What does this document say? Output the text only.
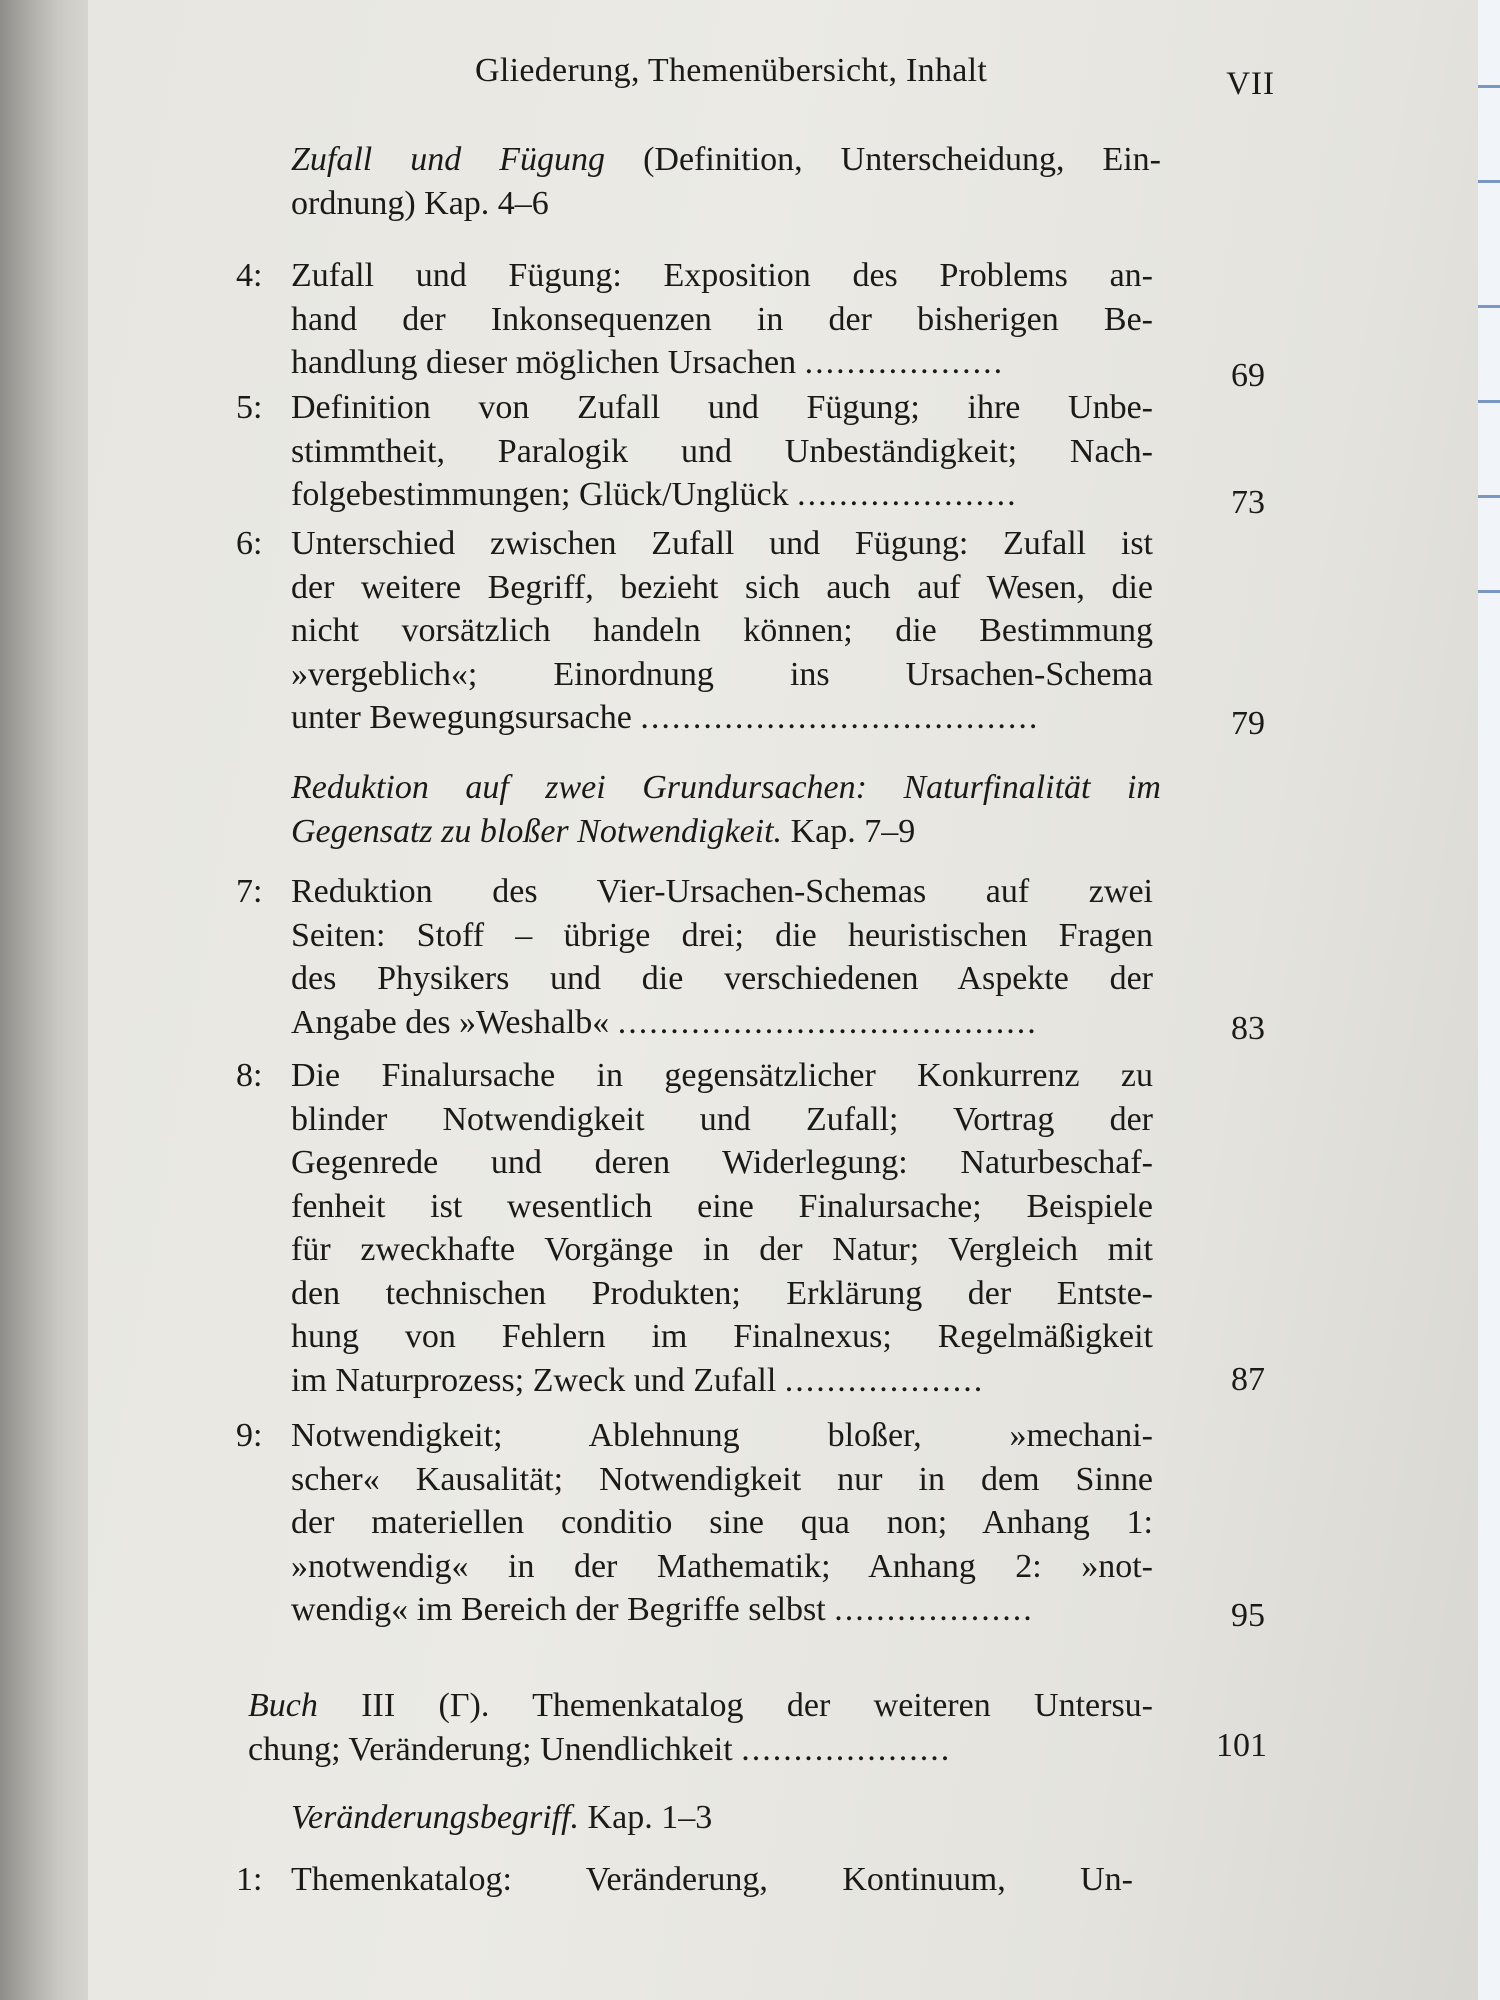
Gliederung, Themenübersicht, Inhalt	VII
Zufall und Fügung (Definition, Unterscheidung, Ein-
ordnung) Kap. 4–6
4: Zufall und Fügung: Exposition des Problems an-
hand der Inkonsequenzen in der bisherigen Be-
handlung dieser möglichen Ursachen ...................	69
5: Definition von Zufall und Fügung; ihre Unbe-
stimmtheit, Paralogik und Unbeständigkeit; Nach-
folgebestimmungen; Glück/Unglück .....................	73
6: Unterschied zwischen Zufall und Fügung: Zufall ist
der weitere Begriff, bezieht sich auch auf Wesen, die
nicht vorsätzlich handeln können; die Bestimmung
»vergeblich«; Einordnung ins Ursachen-Schema
unter Bewegungsursache ......................................	79
Reduktion auf zwei Grundursachen: Naturfinalität im
Gegensatz zu bloßer Notwendigkeit. Kap. 7–9
7: Reduktion des Vier-Ursachen-Schemas auf zwei
Seiten: Stoff – übrige drei; die heuristischen Fragen
des Physikers und die verschiedenen Aspekte der
Angabe des »Weshalb« ........................................	83
8: Die Finalursache in gegensätzlicher Konkurrenz zu
blinder Notwendigkeit und Zufall; Vortrag der
Gegenrede und deren Widerlegung: Naturbeschaf-
fenheit ist wesentlich eine Finalursache; Beispiele
für zweckhafte Vorgänge in der Natur; Vergleich mit
den technischen Produkten; Erklärung der Entste-
hung von Fehlern im Finalnexus; Regelmäßigkeit
im Naturprozess; Zweck und Zufall ...................	87
9: Notwendigkeit; Ablehnung bloßer, »mechani-
scher« Kausalität; Notwendigkeit nur in dem Sinne
der materiellen conditio sine qua non; Anhang 1:
»notwendig« in der Mathematik; Anhang 2: »not-
wendig« im Bereich der Begriffe selbst ...................	95
Buch III (Γ). Themenkatalog der weiteren Untersu-
chung; Veränderung; Unendlichkeit ....................	101
Veränderungsbegriff. Kap. 1–3
1: Themenkatalog: Veränderung, Kontinuum, Un-
